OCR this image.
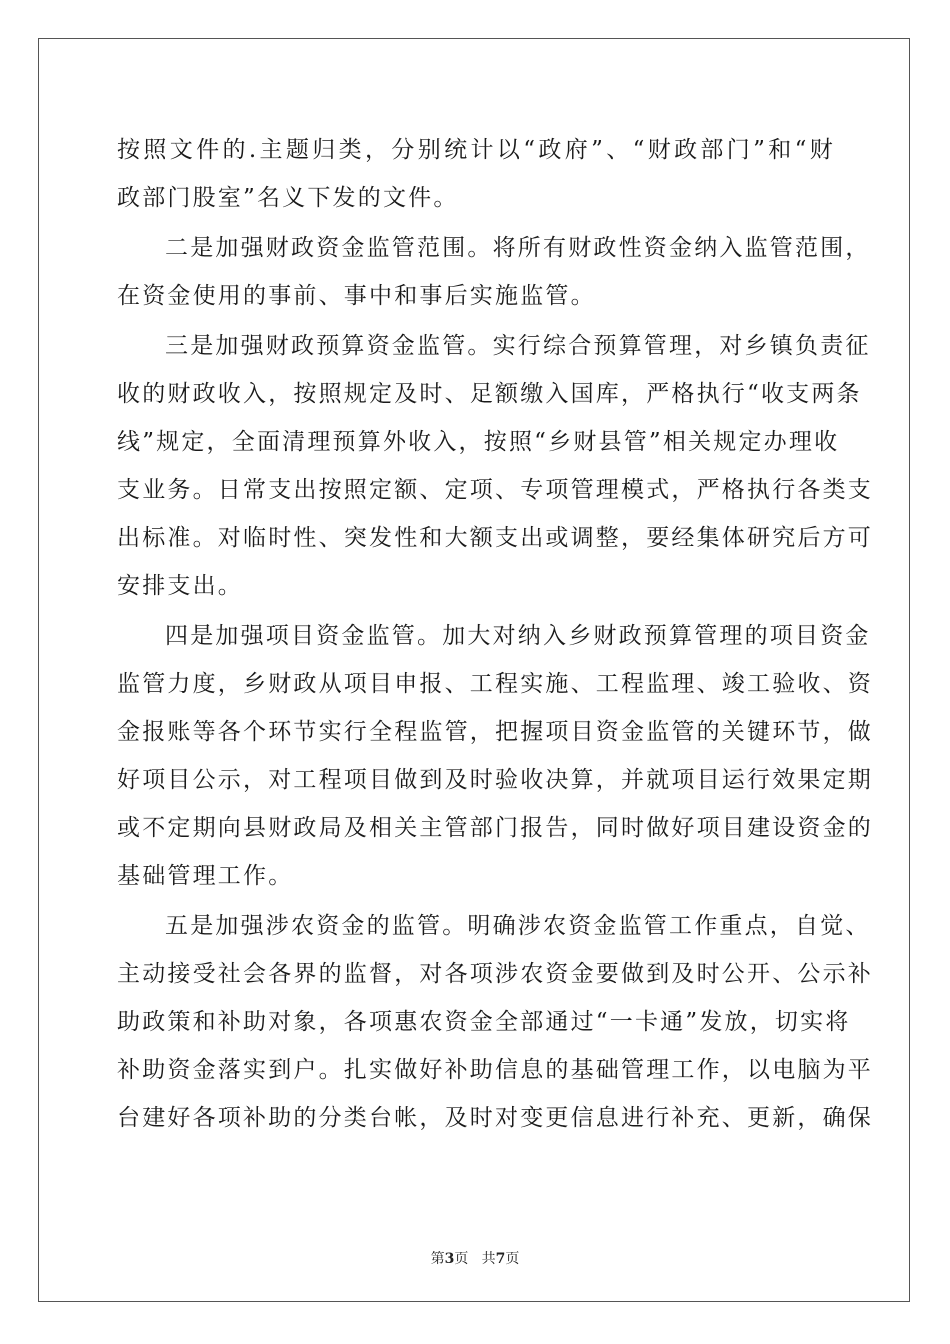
按照文件的.主题归类，分别统计以“政府”、“财政部门”和“财
政部门股室”名义下发的文件。
二是加强财政资金监管范围。将所有财政性资金纳入监管范围，
在资金使用的事前、事中和事后实施监管。
三是加强财政预算资金监管。实行综合预算管理，对乡镇负责征
收的财政收入，按照规定及时、足额缴入国库，严格执行“收支两条
线”规定，全面清理预算外收入，按照“乡财县管”相关规定办理收
支业务。日常支出按照定额、定项、专项管理模式，严格执行各类支
出标准。对临时性、突发性和大额支出或调整，要经集体研究后方可
安排支出。
四是加强项目资金监管。加大对纳入乡财政预算管理的项目资金
监管力度，乡财政从项目申报、工程实施、工程监理、竣工验收、资
金报账等各个环节实行全程监管，把握项目资金监管的关键环节，做
好项目公示，对工程项目做到及时验收决算，并就项目运行效果定期
或不定期向县财政局及相关主管部门报告，同时做好项目建设资金的
基础管理工作。
五是加强涉农资金的监管。明确涉农资金监管工作重点，自觉、
主动接受社会各界的监督，对各项涉农资金要做到及时公开、公示补
助政策和补助对象，各项惠农资金全部通过“一卡通”发放，切实将
补助资金落实到户。扎实做好补助信息的基础管理工作，以电脑为平
台建好各项补助的分类台帐，及时对变更信息进行补充、更新，确保
第3页 共7页
